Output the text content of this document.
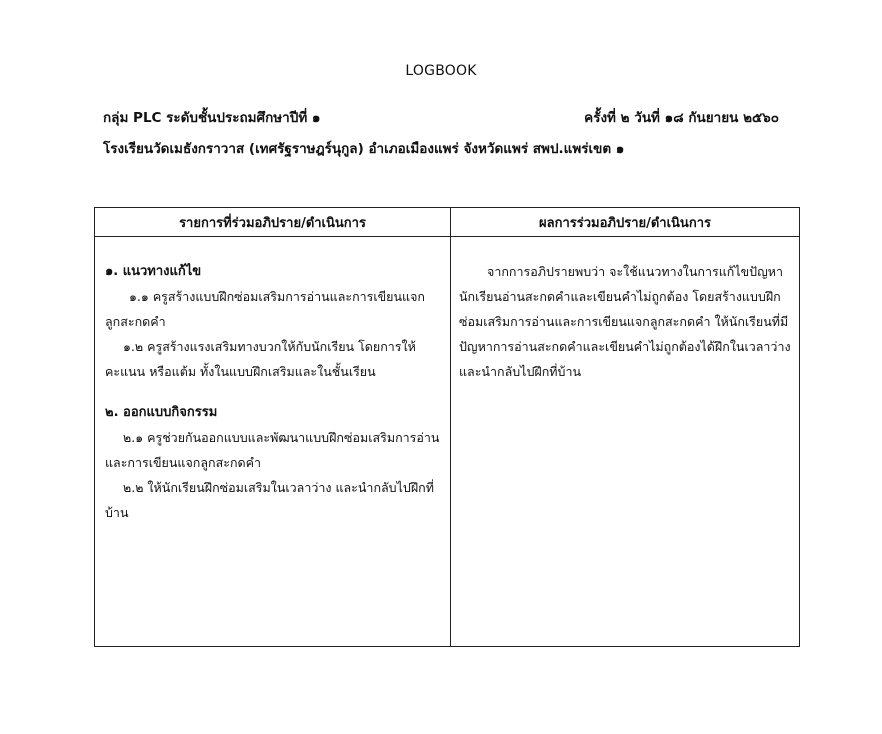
LOGBOOK
กลุ่ม PLC ระดับชั้นประถมศึกษาปีที่ ๑	ครั้งที่ ๒ วันที่ ๑๘ กันยายน ๒๕๖๐
โรงเรียนวัดเมธังกราวาส (เทศรัฐราษฎร์นุกูล) อำเภอเมืองแพร่ จังหวัดแพร่ สพป.แพร่เขต ๑
รายการที่ร่วมอภิปราย/ดำเนินการ	ผลการร่วมอภิปราย/ดำเนินการ
๑. แนวทางแก้ไข
๑.๑ ครูสร้างแบบฝึกซ่อมเสริมการอ่านและการเขียนแจกลูกสะกดคำ
๑.๒ ครูสร้างแรงเสริมทางบวกให้กับนักเรียน โดยการให้คะแนน หรือแต้ม ทั้งในแบบฝึกเสริมและในชั้นเรียน
๒. ออกแบบกิจกรรม
๒.๑ ครูช่วยกันออกแบบและพัฒนาแบบฝึกซ่อมเสริมการอ่านและการเขียนแจกลูกสะกดคำ
๒.๒ ให้นักเรียนฝึกซ่อมเสริมในเวลาว่าง และนำกลับไปฝึกที่บ้าน
จากการอภิปรายพบว่า จะใช้แนวทางในการแก้ไขปัญหานักเรียนอ่านสะกดคำและเขียนคำไม่ถูกต้อง โดยสร้างแบบฝึกซ่อมเสริมการอ่านและการเขียนแจกลูกสะกดคำ ให้นักเรียนที่มีปัญหาการอ่านสะกดคำและเขียนคำไม่ถูกต้องได้ฝึกในเวลาว่างและนำกลับไปฝึกที่บ้าน
